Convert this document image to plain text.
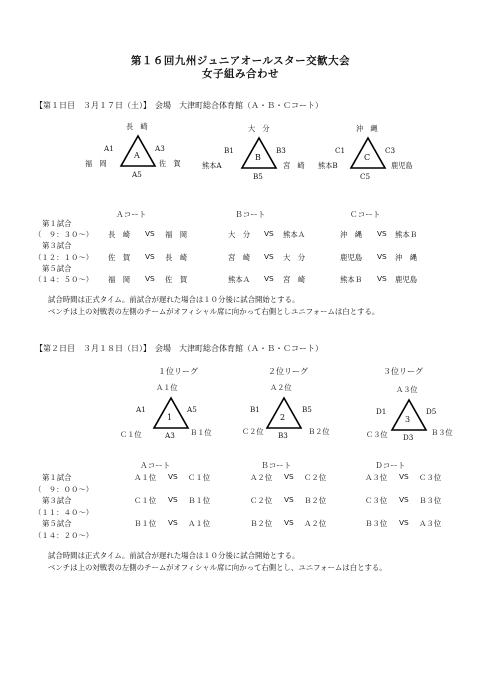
第１６回九州ジュニアオールスター交歓大会
女子組み合わせ
【第１日目　３月１７日（土）】　会場　大津町総合体育館（Ａ・Ｂ・Ｃコート）
長　崎
福　岡	佐　賀
A
A1	A3
A5
大　分
熊本A	宮　崎
B
B1	B3
B5
沖　縄
熊本B	鹿児島
C
C1	C3
C5
Ａコート	Ｂコート	Ｃコート
第１試合
（　９：３０～） 長　崎 VS 福　岡	大　分 VS 熊本Ａ	沖　縄 VS 熊本Ｂ
第３試合
（１２：１０～） 佐　賀 VS 長　崎	宮　崎 VS 大　分	鹿児島 VS 沖　縄
第５試合
（１４：５０～） 福　岡 VS 佐　賀	熊本Ａ VS 宮　崎	熊本Ｂ VS 鹿児島
試合時間は正式タイム。前試合が遅れた場合は１０分後に試合開始とする。
ベンチは上の対戦表の左側のチームがオフィシャル席に向かって右側としユニフォームは白とする。
【第２日目　３月１８日（日）】　会場　大津町総合体育館（Ａ・Ｂ・Ｃコート）
１位リーグ	２位リーグ	３位リーグ
Ａ１位
Ｃ１位	Ｂ１位
1
A1	A5
A3
Ａ２位
Ｃ２位	Ｂ２位
2
B1	B5
B3
Ａ３位
Ｃ３位	Ｂ３位
3
D1	D5
D3
Ａコート	Ｂコート	Ｄコート
第１試合	Ａ１位 VS Ｃ１位	Ａ２位 VS Ｃ２位	Ａ３位 VS Ｃ３位
（　９：００～）
第３試合	Ｃ１位 VS Ｂ１位	Ｃ２位 VS Ｂ２位	Ｃ３位 VS Ｂ３位
（１１：４０～）
第５試合	Ｂ１位 VS Ａ１位	Ｂ２位 VS Ａ２位	Ｂ３位 VS Ａ３位
（１４：２０～）
試合時間は正式タイム。前試合が遅れた場合は１０分後に試合開始とする。
ベンチは上の対戦表の左側のチームがオフィシャル席に向かって右側とし、ユニフォームは白とする。
